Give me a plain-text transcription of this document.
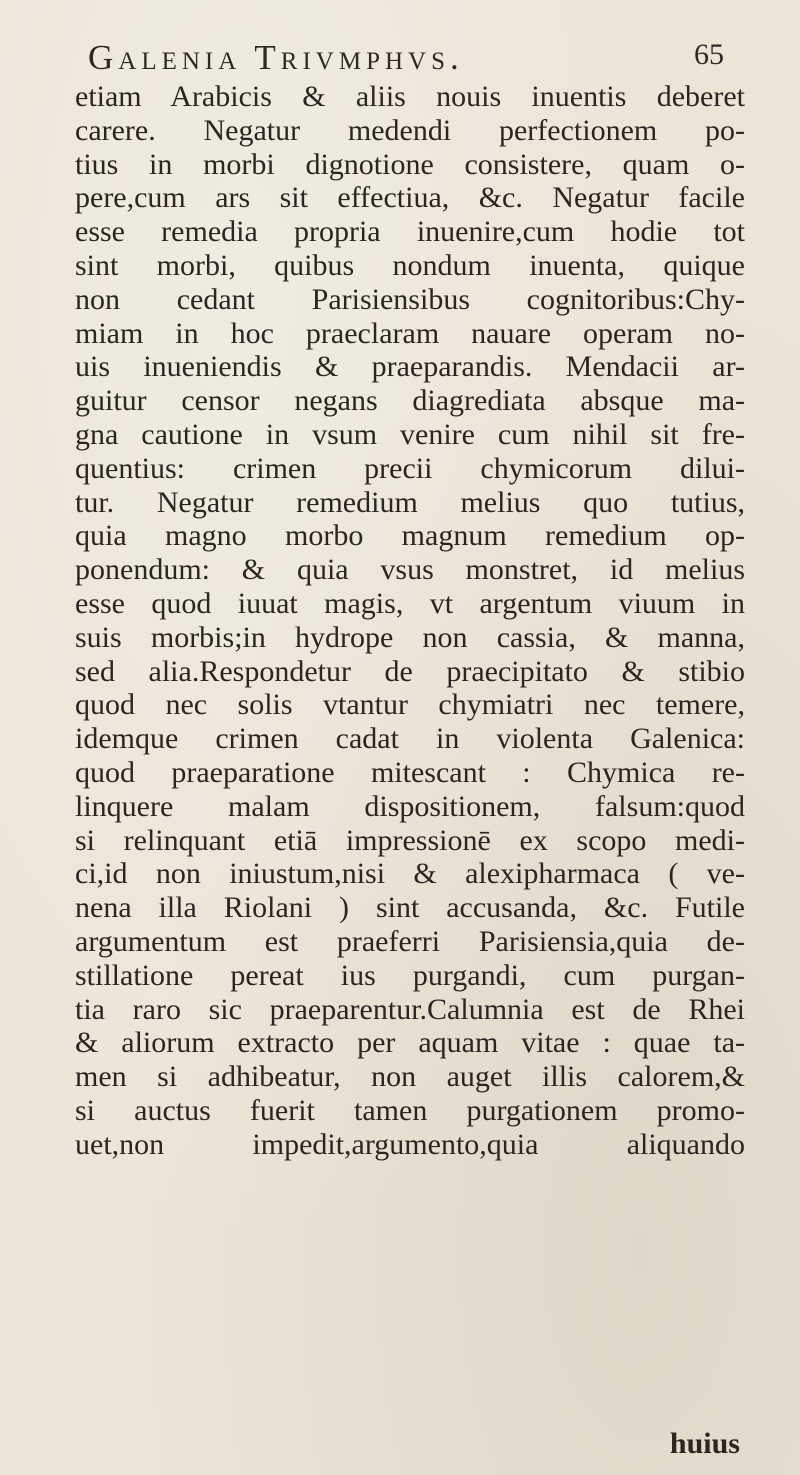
Galenia Trivmphvs.	65
etiam Arabicis & aliis nouis inuentis deberet
carere. Negatur medendi perfectionem po-
tius in morbi dignotione consistere, quam o-
pere,cum ars sit effectiua, &c. Negatur facile
esse remedia propria inuenire,cum hodie tot
sint morbi, quibus nondum inuenta, quique
non cedant Parisiensibus cognitoribus:Chy-
miam in hoc praeclaram nauare operam no-
uis inueniendis & praeparandis. Mendacii ar-
guitur censor negans diagrediata absque ma-
gna cautione in vsum venire cum nihil sit fre-
quentius: crimen precii chymicorum dilui-
tur. Negatur remedium melius quo tutius,
quia magno morbo magnum remedium op-
ponendum: & quia vsus monstret, id melius
esse quod iuuat magis, vt argentum viuum in
suis morbis;in hydrope non cassia, & manna,
sed alia.Respondetur de praecipitato & stibio
quod nec solis vtantur chymiatri nec temere,
idemque crimen cadat in violenta Galenica:
quod praeparatione mitescant : Chymica re-
linquere malam dispositionem, falsum:quod
si relinquant etiā impressionē ex scopo medi-
ci,id non iniustum,nisi & alexipharmaca ( ve-
nena illa Riolani ) sint accusanda, &c. Futile
argumentum est praeferri Parisiensia,quia de-
stillatione pereat ius purgandi, cum purgan-
tia raro sic praeparentur.Calumnia est de Rhei
& aliorum extracto per aquam vitae : quae ta-
men si adhibeatur, non auget illis calorem,&
si auctus fuerit tamen purgationem promo-
uet,non impedit,argumento,quia aliquando
huius
